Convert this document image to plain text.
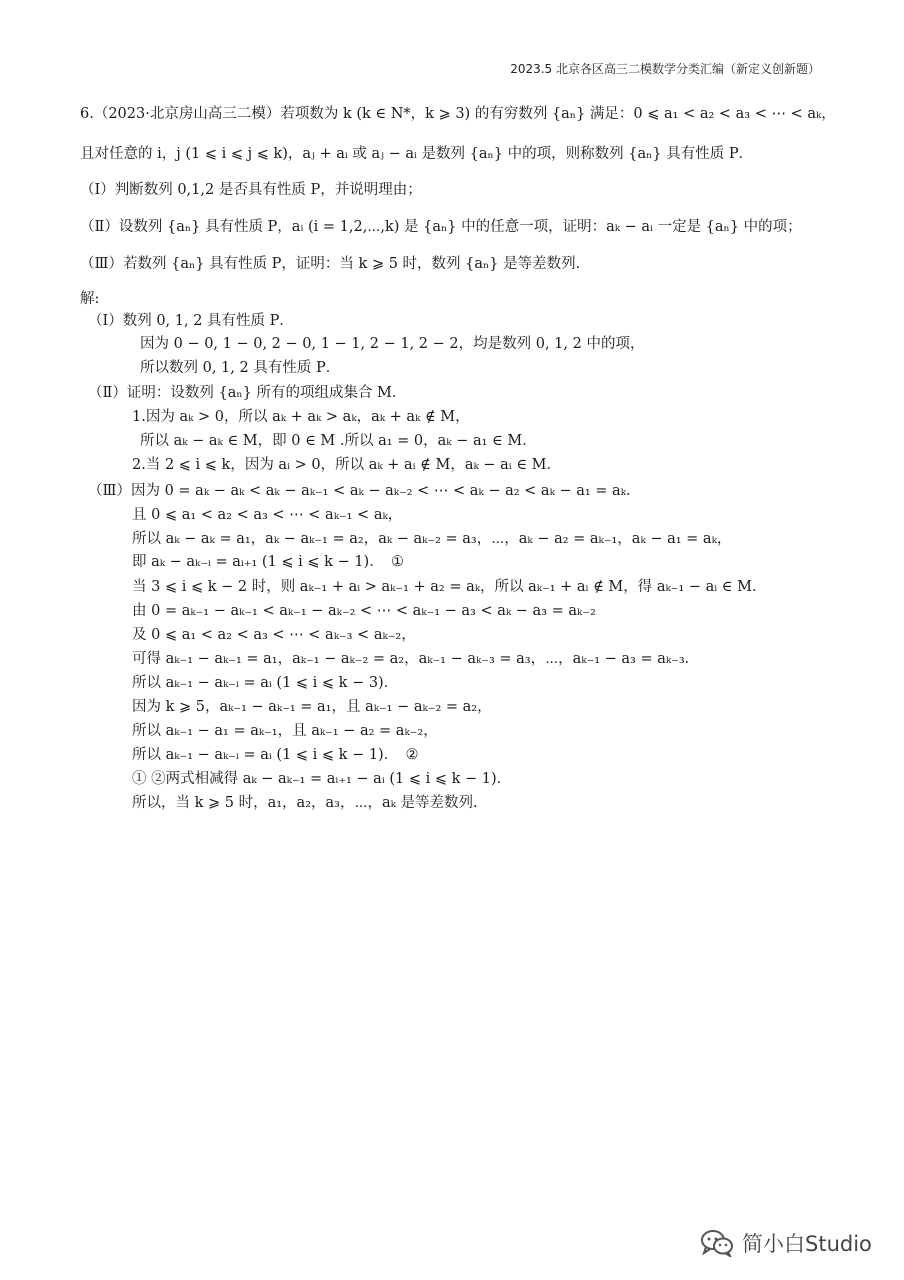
2023.5 北京各区高三二模数学分类汇编（新定义创新题）
6.（2023·北京房山高三二模）若项数为 k (k ∈ N*，k ⩾ 3) 的有穷数列 {aₙ} 满足：0 ⩽ a₁ < a₂ < a₃ < ⋯ < aₖ，
且对任意的 i，j (1 ⩽ i ⩽ j ⩽ k)，aⱼ + aᵢ 或 aⱼ − aᵢ 是数列 {aₙ} 中的项，则称数列 {aₙ} 具有性质 P．
（Ⅰ）判断数列 0,1,2 是否具有性质 P，并说明理由；
（Ⅱ）设数列 {aₙ} 具有性质 P，aᵢ (i = 1,2,⋯,k) 是 {aₙ} 中的任意一项，证明：aₖ − aᵢ 一定是 {aₙ} 中的项；
（Ⅲ）若数列 {aₙ} 具有性质 P，证明：当 k ⩾ 5 时，数列 {aₙ} 是等差数列.
解:
（Ⅰ）数列 0, 1, 2 具有性质 P．
因为 0 − 0, 1 − 0, 2 − 0, 1 − 1, 2 − 1, 2 − 2，均是数列 0, 1, 2 中的项，
所以数列 0, 1, 2 具有性质 P．
（Ⅱ）证明：设数列 {aₙ} 所有的项组成集合 M．
1.因为 aₖ > 0，所以 aₖ + aₖ > aₖ，aₖ + aₖ ∉ M，
所以 aₖ − aₖ ∈ M，即 0 ∈ M .所以 a₁ = 0，aₖ − a₁ ∈ M．
2.当 2 ⩽ i ⩽ k，因为 aᵢ > 0，所以 aₖ + aᵢ ∉ M，aₖ − aᵢ ∈ M．
（Ⅲ）因为 0 = aₖ − aₖ < aₖ − aₖ₋₁ < aₖ − aₖ₋₂ < ⋯ < aₖ − a₂ < aₖ − a₁ = aₖ．
且 0 ⩽ a₁ < a₂ < a₃ < ⋯ < aₖ₋₁ < aₖ，
所以 aₖ − aₖ = a₁，aₖ − aₖ₋₁ = a₂，aₖ − aₖ₋₂ = a₃，⋯，aₖ − a₂ = aₖ₋₁，aₖ − a₁ = aₖ，
即 aₖ − aₖ₋ᵢ = aᵢ₊₁ (1 ⩽ i ⩽ k − 1)．　①
当 3 ⩽ i ⩽ k − 2 时，则 aₖ₋₁ + aᵢ > aₖ₋₁ + a₂ = aₖ，所以 aₖ₋₁ + aᵢ ∉ M，得 aₖ₋₁ − aᵢ ∈ M．
由 0 = aₖ₋₁ − aₖ₋₁ < aₖ₋₁ − aₖ₋₂ < ⋯ < aₖ₋₁ − a₃ < aₖ − a₃ = aₖ₋₂
及 0 ⩽ a₁ < a₂ < a₃ < ⋯ < aₖ₋₃ < aₖ₋₂，
可得 aₖ₋₁ − aₖ₋₁ = a₁，aₖ₋₁ − aₖ₋₂ = a₂，aₖ₋₁ − aₖ₋₃ = a₃，⋯，aₖ₋₁ − a₃ = aₖ₋₃．
所以 aₖ₋₁ − aₖ₋ᵢ = aᵢ (1 ⩽ i ⩽ k − 3)．
因为 k ⩾ 5，aₖ₋₁ − aₖ₋₁ = a₁，且 aₖ₋₁ − aₖ₋₂ = a₂，
所以 aₖ₋₁ − a₁ = aₖ₋₁，且 aₖ₋₁ − a₂ = aₖ₋₂，
所以 aₖ₋₁ − aₖ₋ᵢ = aᵢ (1 ⩽ i ⩽ k − 1)．　②
① ②两式相减得 aₖ − aₖ₋₁ = aᵢ₊₁ − aᵢ (1 ⩽ i ⩽ k − 1)．
所以，当 k ⩾ 5 时，a₁，a₂，a₃，⋯，aₖ 是等差数列.
简小白Studio
